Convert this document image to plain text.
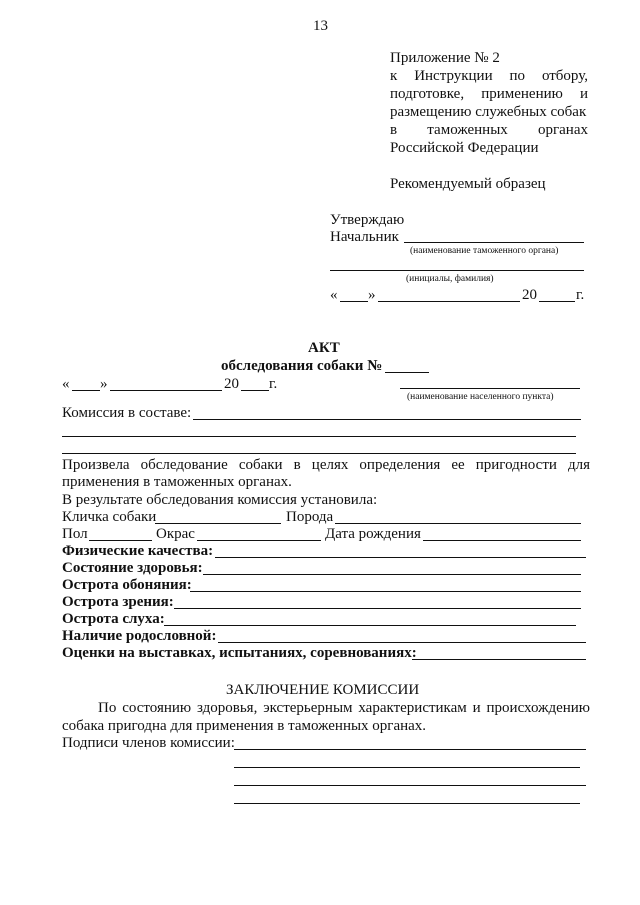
13
Приложение № 2
к Инструкции по отбору,
подготовке, применению и
размещению служебных собак
в таможенных органах
Российской Федерации
Рекомендуемый образец
Утверждаю
Начальник
(наименование таможенного органа)
(инициалы, фамилия)
« »	20	г.
АКТ
обследования собаки №
« »	20 г.
(наименование населенного пункта)
Комиссия в составе:
Произвела обследование собаки в целях определения ее пригодности для
применения в таможенных органах.
В результате обследования комиссия установила:
Кличка собаки	Порода
Пол	Окрас	Дата рождения
Физические качества:
Состояние здоровья:
Острота обоняния:
Острота зрения:
Острота слуха:
Наличие родословной:
Оценки на выставках, испытаниях, соревнованиях:
ЗАКЛЮЧЕНИЕ КОМИССИИ
По состоянию здоровья, экстерьерным характеристикам и происхождению
собака пригодна для применения в таможенных органах.
Подписи членов комиссии:
